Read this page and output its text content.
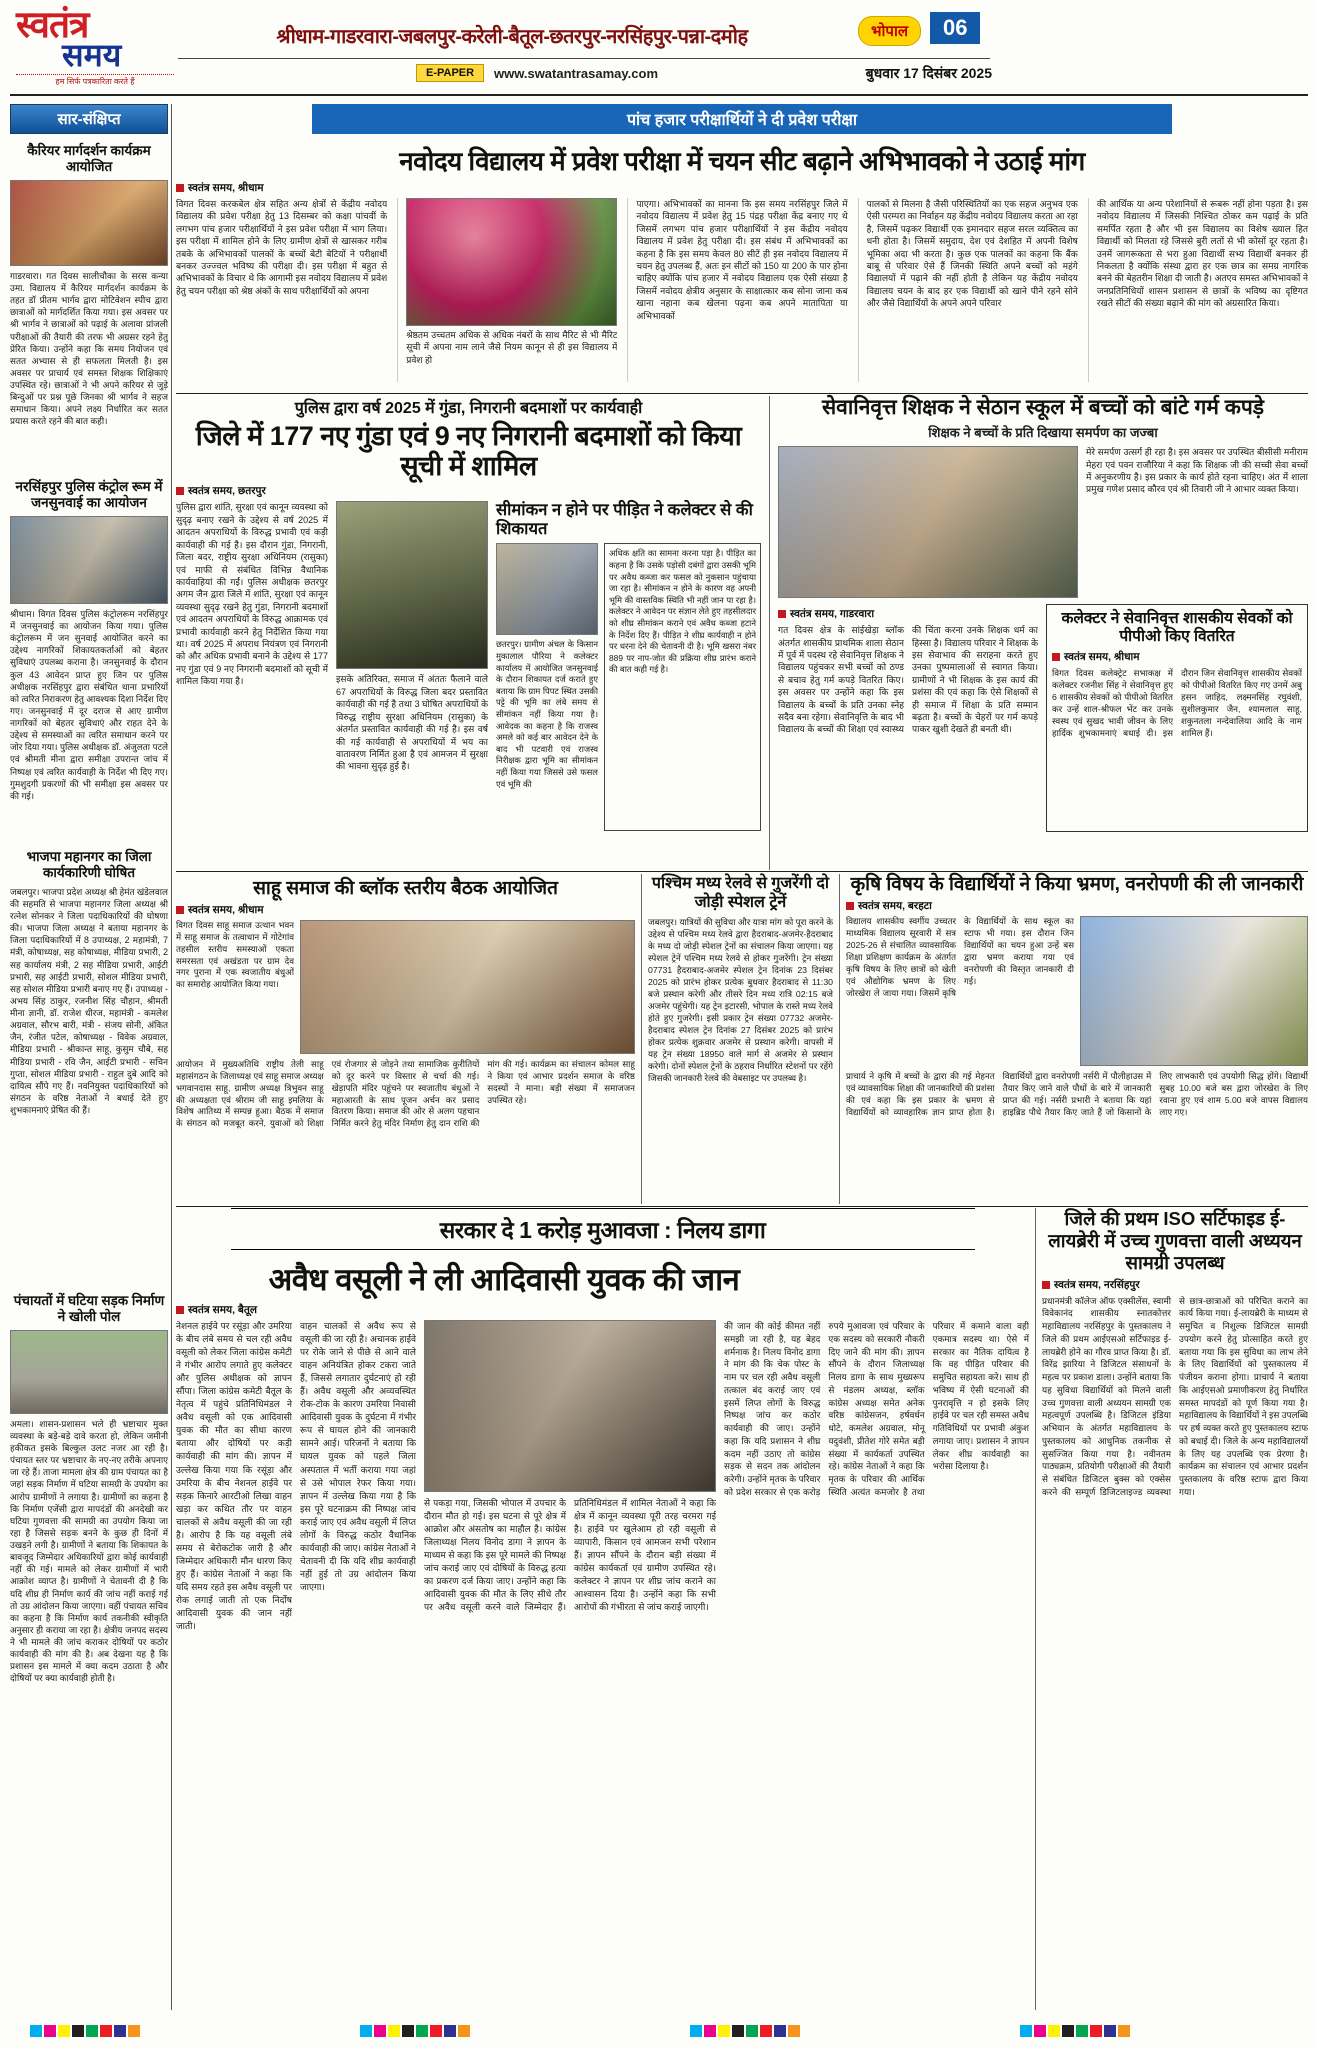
स्वतंत्र
समय
हम सिर्फ पत्रकारिता करते हैं
श्रीधाम-गाडरवारा-जबलपुर-करेली-बैतूल-छतरपुर-नरसिंहपुर-पन्ना-दमोह	भोपाल	06
E-PAPER	www.swatantrasamay.com	बुधवार 17 दिसंबर 2025
सार-संक्षिप्त
कैरियर मार्गदर्शन कार्यक्रम आयोजित
गाडरवारा। गत दिवस सालीचौका के सरस कन्या उमा. विद्यालय में कैरियर मार्गदर्शन कार्यक्रम के तहत डॉ प्रीतम भार्गव द्वारा मोटिवेशन स्पीच द्वारा छात्राओं को मार्गदर्शित किया गया। इस अवसर पर श्री भार्गव ने छात्राओं को पढ़ाई के अलावा प्रांजली परीक्षाओं की तैयारी की तरफ भी अग्रसर रहने हेतु प्रेरित किया। उन्होंने कहा कि समय नियोजन एवं सतत अभ्यास से ही सफलता मिलती है। इस अवसर पर प्राचार्य एवं समस्त शिक्षक शिक्षिकाएं उपस्थित रहे। छात्राओं ने भी अपने करियर से जुड़े बिन्दुओं पर प्रश्न पूछे जिनका श्री भार्गव ने सहज समाधान किया। अपने लक्ष्य निर्धारित कर सतत प्रयास करते रहने की बात कही।
नरसिंहपुर पुलिस कंट्रोल रूम में जनसुनवाई का आयोजन
श्रीधाम। विगत दिवस पुलिस कंट्रोलरूम नरसिंहपुर में जनसुनवाई का आयोजन किया गया। पुलिस कंट्रोलरूम में जन सुनवाई आयोजित करने का उद्देश्य नागरिकों शिकायतकर्ताओं को बेहतर सुविधाएं उपलब्ध कराना है। जनसुनवाई के दौरान कुल 43 आवेदन प्राप्त हुए जिन पर पुलिस अधीक्षक नरसिंहपुर द्वारा संबंधित थाना प्रभारियों को त्वरित निराकरण हेतु आवश्यक दिशा निर्देश दिए गए। जनसुनवाई में दूर दराज से आए ग्रामीण नागरिकों को बेहतर सुविधाएं और राहत देने के उद्देश्य से समस्याओं का त्वरित समाधान करने पर जोर दिया गया। पुलिस अधीक्षक डॉ. अंजुलता पटले एवं श्रीमती मीना द्वारा समीक्षा उपरान्त जांच में निष्पक्ष एवं त्वरित कार्यवाही के निर्देश भी दिए गए। गुमशुदगी प्रकरणों की भी समीक्षा इस अवसर पर की गई।
भाजपा महानगर का जिला कार्यकारिणी घोषित
जबलपुर। भाजपा प्रदेश अध्यक्ष श्री हेमंत खंडेलवाल की सहमति से भाजपा महानगर जिला अध्यक्ष श्री रत्नेश सोनकर ने जिला पदाधिकारियों की घोषणा की। भाजपा जिला अध्यक्ष ने बताया महानगर के जिला पदाधिकारियों में 8 उपाध्यक्ष, 2 महामंत्री, 7 मंत्री, कोषाध्यक्ष, सह कोषाध्यक्ष, मीडिया प्रभारी, 2 सह कार्यालय मंत्री, 2 सह मीडिया प्रभारी, आईटी प्रभारी, सह आईटी प्रभारी, सोशल मीडिया प्रभारी, सह सोशल मीडिया प्रभारी बनाए गए हैं। उपाध्यक्ष - अभय सिंह ठाकुर, रजनीश सिंह चौहान, श्रीमती मीना ज्ञानी, डॉ. राजेश धीरज, महामंत्री - कमलेश अग्रवाल, सौरभ बारी, मंत्री - संजय सोनी, अंकित जैन, रंजीत पटेल, कोषाध्यक्ष - विवेक अग्रवाल, मीडिया प्रभारी - श्रीकान्त साहू, कुसुम चौबे, सह मीडिया प्रभारी - रवि जैन, आईटी प्रभारी - सचिन गुप्ता, सोशल मीडिया प्रभारी - राहुल दुबे आदि को दायित्व सौंपे गए हैं। नवनियुक्त पदाधिकारियों को संगठन के वरिष्ठ नेताओं ने बधाई देते हुए शुभकामनाएं प्रेषित की हैं।
पंचायतों में घटिया सड़क निर्माण ने खोली पोल
अमला। शासन-प्रशासन भले ही भ्रष्टाचार मुक्त व्यवस्था के बड़े-बड़े दावे करता हो, लेकिन जमीनी हकीकत इसके बिल्कुल उलट नजर आ रही है। पंचायत स्तर पर भ्रष्टाचार के नए-नए तरीके अपनाए जा रहे हैं। ताजा मामला क्षेत्र की ग्राम पंचायत का है जहां सड़क निर्माण में घटिया सामग्री के उपयोग का आरोप ग्रामीणों ने लगाया है। ग्रामीणों का कहना है कि निर्माण एजेंसी द्वारा मापदंडों की अनदेखी कर घटिया गुणवत्ता की सामग्री का उपयोग किया जा रहा है जिससे सड़क बनने के कुछ ही दिनों में उखड़ने लगी है। ग्रामीणों ने बताया कि शिकायत के बावजूद जिम्मेदार अधिकारियों द्वारा कोई कार्यवाही नहीं की गई। मामले को लेकर ग्रामीणों में भारी आक्रोश व्याप्त है। ग्रामीणों ने चेतावनी दी है कि यदि शीघ्र ही निर्माण कार्य की जांच नहीं कराई गई तो उग्र आंदोलन किया जाएगा। वहीं पंचायत सचिव का कहना है कि निर्माण कार्य तकनीकी स्वीकृति अनुसार ही कराया जा रहा है। क्षेत्रीय जनपद सदस्य ने भी मामले की जांच कराकर दोषियों पर कठोर कार्यवाही की मांग की है। अब देखना यह है कि प्रशासन इस मामले में क्या कदम उठाता है और दोषियों पर क्या कार्यवाही होती है।
पांच हजार परीक्षार्थियों ने दी प्रवेश परीक्षा
नवोदय विद्यालय में प्रवेश परीक्षा में चयन सीट बढ़ाने अभिभावको ने उठाई मांग
स्वतंत्र समय, श्रीधाम
विगत दिवस करकबेल क्षेत्र सहित अन्य क्षेत्रों से केंद्रीय नवोदय विद्यालय की प्रवेश परीक्षा हेतु 13 दिसम्बर को कक्षा पांचवीं के लगभग पांच हजार परीक्षार्थियों ने इस प्रवेश परीक्षा में भाग लिया। इस परीक्षा में शामिल होने के लिए ग्रामीण क्षेत्रों से खासकर गरीब तबके के अभिभावकों पालकों के बच्चों बेटी बेटियों ने परीक्षार्थी बनकर उज्ज्वल भविष्य की परीक्षा दी। इस परीक्षा में बहुत से अभिभावकों के विचार थे कि आगामी इस नवोदय विद्यालय में प्रवेश हेतु चयन परीक्षा को श्रेष्ठ अंकों के साथ परीक्षार्थियों को अपना
श्रेष्ठतम उच्चतम अधिक से अधिक नंबरों के साथ मैरिट से भी मैरिट सूची में अपना नाम लाने जैसे नियम कानून से ही इस विद्यालय में प्रवेश हो
पाएगा। अभिभावकों का मानना कि इस समय नरसिंहपुर जिले में नवोदय विद्यालय में प्रवेश हेतु 15 पंद्रह परीक्षा केंद्र बनाए गए थे जिसमें लगभग पांच हजार परीक्षार्थियों ने इस केंद्रीय नवोदय विद्यालय में प्रवेश हेतु परीक्षा दी। इस संबंध में अभिभावकों का कहना है कि इस समय केवल 80 सीटें ही इस नवोदय विद्यालय में चयन हेतु उपलब्ध हैं, अतः इन सीटों को 150 या 200 के पार होना चाहिए क्योंकि पांच हजार में नवोदय विद्यालय एक ऐसी संख्या है जिसमें नवोदय क्षेत्रीय अनुसार के साक्षात्कार कब सोना जाना कब खाना नहाना कब खेलना पढ़ना कब अपने मातापिता या अभिभावकों
पालकों से मिलना है जैसी परिस्थितियों का एक सहज अनुभव एक ऐसी परम्परा का निर्वाहन यह केंद्रीय नवोदय विद्यालय करता आ रहा है, जिसमें पढ़कर विद्यार्थी एक इमानदार सहज सरल व्यक्तित्व का धनी होता है। जिसमें समुदाय, देश एवं देशहित में अपनी विशेष भूमिका अदा भी करता है। कुछ एक पालकों का कहना कि बैंक बाबू से परिवार ऐसे हैं जिनकी स्थिति अपने बच्चों को महंगे विद्यालयों में पढ़ाने की नहीं होती है लेकिन यह केंद्रीय नवोदय विद्यालय चयन के बाद हर एक विद्यार्थी को खाने पीने रहने सोने और जैसे विद्यार्थियों के अपने अपने परिवार
की आर्थिक या अन्य परेशानियों से रूबरू नहीं होना पड़ता है। इस नवोदय विद्यालय में जिसकी निश्चित ठोकर कम पढ़ाई के प्रति समर्पित रहता है और भी इस विद्यालय का विशेष ख्याल हित विद्यार्थी को मिलता रहे जिससे बुरी लतों से भी कोसों दूर रहता है। उनमें जागरूकता से भरा हुआ विद्यार्थी सभ्य विद्यार्थी बनकर ही निकलता है क्योंकि संस्था द्वारा हर एक छात्र का समग्र नागरिक बनने की बेहतरीन शिक्षा दी जाती है। अतएव समस्त अभिभावकों ने जनप्रतिनिधियों शासन प्रशासन से छात्रों के भविष्य का दृष्टिगत रखते सीटों की संख्या बढ़ाने की मांग को अग्रसारित किया।
पुलिस द्वारा वर्ष 2025 में गुंडा, निगरानी बदमाशों पर कार्यवाही
जिले में 177 नए गुंडा एवं 9 नए निगरानी बदमाशों को किया सूची में शामिल
स्वतंत्र समय, छतरपुर
पुलिस द्वारा शांति, सुरक्षा एवं कानून व्यवस्था को सुदृढ़ बनाए रखने के उद्देश्य से वर्ष 2025 में आदतन अपराधियों के विरुद्ध प्रभावी एवं कड़ी कार्यवाही की गई है। इस दौरान गुंडा, निगरानी, जिला बदर, राष्ट्रीय सुरक्षा अधिनियम (रासुका) एवं माफी से संबंधित विभिन्न वैधानिक कार्यवाहियां की गईं। पुलिस अधीक्षक छतरपुर अगम जैन द्वारा जिले में शांति, सुरक्षा एवं कानून व्यवस्था सुदृढ़ रखने हेतु गुंडा, निगरानी बदमाशों एवं आदतन अपराधियों के विरुद्ध आक्रामक एवं प्रभावी कार्यवाही करने हेतु निर्देशित किया गया था। वर्ष 2025 में अपराध नियंत्रण एवं निगरानी को और अधिक प्रभावी बनाने के उद्देश्य से 177 नए गुंडा एवं 9 नए निगरानी बदमाशों को सूची में शामिल किया गया है।	इसके अतिरिक्त, समाज में अंततः फैलाने वाले 67 अपराधियों के विरुद्ध जिला बदर प्रस्तावित कार्यवाही की गई है तथा 3 घोषित अपराधियों के विरुद्ध राष्ट्रीय सुरक्षा अधिनियम (रासुका) के अंतर्गत प्रस्तावित कार्यवाही की गई है। इस वर्ष की गई कार्यवाही से अपराधियों में भय का वातावरण निर्मित हुआ है एवं आमजन में सुरक्षा की भावना सुदृढ़ हुई है।
सीमांकन न होने पर पीड़ित ने कलेक्टर से की शिकायत
छतरपुर। ग्रामीण अंचल के किसान मुकालाल पौरिया ने कलेक्टर कार्यालय में आयोजित जनसुनवाई के दौरान शिकायत दर्ज कराते हुए बताया कि ग्राम पिपट स्थित उसकी पट्टे की भूमि का लंबे समय से सीमांकन नहीं किया गया है। आवेदक का कहना है कि राजस्व अमले को कई बार आवेदन देने के बाद भी पटवारी एवं राजस्व निरीक्षक द्वारा भूमि का सीमांकन नहीं किया गया जिससे उसे फसल एवं भूमि की
अधिक क्षति का सामना करना पड़ा है। पीड़ित का कहना है कि उसके पड़ोसी दबंगों द्वारा उसकी भूमि पर अवैध कब्जा कर फसल को नुकसान पहुंचाया जा रहा है। सीमांकन न होने के कारण वह अपनी भूमि की वास्तविक स्थिति भी नहीं जान पा रहा है। कलेक्टर ने आवेदन पर संज्ञान लेते हुए तहसीलदार को शीघ्र सीमांकन कराने एवं अवैध कब्जा हटाने के निर्देश दिए हैं। पीड़ित ने शीघ्र कार्यवाही न होने पर धरना देने की चेतावनी दी है। भूमि खसरा नंबर 889 पर नाप-जोत की प्रक्रिया शीघ्र प्रारंभ कराने की बात कही गई है।
सेवानिवृत्त शिक्षक ने सेठान स्कूल में बच्चों को बांटे गर्म कपड़े
शिक्षक ने बच्चों के प्रति दिखाया समर्पण का जज्बा
मेरे समर्पण उत्सर्ग ही रहा है। इस अवसर पर उपस्थित बीसीसी मनीराम मेहरा एवं पवन राजौरिया ने कहा कि शिक्षक जी की सच्ची सेवा बच्चों में अनुकरणीय है। इस प्रकार के कार्य होते रहना चाहिए। अंत में शाला प्रमुख गणेश प्रसाद कौरव एवं श्री तिवारी जी ने आभार व्यक्त किया।
स्वतंत्र समय, गाडरवारा
गत दिवस क्षेत्र के सांईखेड़ा ब्लॉक अंतर्गत शासकीय प्राथमिक शाला सेठान में पूर्व में पदस्थ रहे सेवानिवृत्त शिक्षक ने विद्यालय पहुंचकर सभी बच्चों को ठण्ड से बचाव हेतु गर्म कपड़े वितरित किए। इस अवसर पर उन्होंने कहा कि इस विद्यालय के बच्चों के प्रति उनका स्नेह सदैव बना रहेगा। सेवानिवृत्ति के बाद भी विद्यालय के बच्चों की शिक्षा एवं स्वास्थ्य की चिंता करना उनके शिक्षक धर्म का हिस्सा है। विद्यालय परिवार ने शिक्षक के इस सेवाभाव की सराहना करते हुए उनका पुष्पमालाओं से स्वागत किया। ग्रामीणों ने भी शिक्षक के इस कार्य की प्रशंसा की एवं कहा कि ऐसे शिक्षकों से ही समाज में शिक्षा के प्रति सम्मान बढ़ता है। बच्चों के चेहरों पर गर्म कपड़े पाकर खुशी देखते ही बनती थी।
कलेक्टर ने सेवानिवृत्त शासकीय सेवकों को पीपीओ किए वितरित
स्वतंत्र समय, श्रीधाम
विगत दिवस कलेक्ट्रेट सभाकक्ष में कलेक्टर रजनीश सिंह ने सेवानिवृत्त हुए 6 शासकीय सेवकों को पीपीओ वितरित कर उन्हें शाल-श्रीफल भेंट कर उनके स्वस्थ एवं सुखद भावी जीवन के लिए हार्दिक शुभकामनाएं बधाई दी। इस दौरान जिन सेवानिवृत्त शासकीय सेवकों को पीपीओ वितरित किए गए उनमें अबु हसन जाहिद, लक्ष्मनसिंह रघुवंशी, सुशीलकुमार जैन, श्यामलाल साहू, शकुनतला नन्देवालिया आदि के नाम शामिल हैं।
साहू समाज की ब्लॉक स्तरीय बैठक आयोजित
स्वतंत्र समय, श्रीधाम
विगत दिवस साहू समाज उत्थान भवन में साहू समाज के तत्वाधान में गोटेगांव तहसील स्तरीय समस्याओं एकता समरसता एवं अखंडता पर ग्राम देव नगर पुराना में एक स्वजातीय बंधुओं का समारोह आयोजित किया गया।
आयोजन में मुख्यअतिथि राष्ट्रीय तेली साहू महासंगठन के जिलाध्यक्ष एवं साहू समाज अध्यक्ष भगवानदास साहू, ग्रामीण अध्यक्ष त्रिभुवन साहू की अध्यक्षता एवं श्रीराम जी साहू इमलिया के विशेष आतिथ्य में सम्पन्न हुआ। बैठक में समाज के संगठन को मजबूत करने, युवाओं को शिक्षा एवं रोजगार से जोड़ने तथा सामाजिक कुरीतियों को दूर करने पर विस्तार से चर्चा की गई। खेड़ापति मंदिर पहुंचने पर स्वजातीय बंधुओं ने महाआरती के साथ पूजन अर्चन कर प्रसाद वितरण किया। समाज की ओर से अलग पहचान निर्मित करने हेतु मंदिर निर्माण हेतु दान राशि की मांग की गई। कार्यक्रम का संचालन कोमल साहू ने किया एवं आभार प्रदर्शन समाज के वरिष्ठ सदस्यों ने माना। बड़ी संख्या में समाजजन उपस्थित रहे।
पश्चिम मध्य रेलवे से गुजरेंगी दो जोड़ी स्पेशल ट्रेनें
जबलपुर। यात्रियों की सुविधा और यात्रा मांग को पूरा करने के उद्देश्य से पश्चिम मध्य रेलवे द्वारा हैदराबाद-अजमेर-हैदराबाद के मध्य दो जोड़ी स्पेशल ट्रेनों का संचालन किया जाएगा। यह स्पेशल ट्रेनें पश्चिम मध्य रेलवे से होकर गुजरेंगी। ट्रेन संख्या 07731 हैदराबाद-अजमेर स्पेशल ट्रेन दिनांक 23 दिसंबर 2025 को प्रारंभ होकर प्रत्येक बुधवार हैदराबाद से 11:30 बजे प्रस्थान करेगी और तीसरे दिन मध्य रात्रि 02:15 बजे अजमेर पहुंचेगी। यह ट्रेन इटारसी, भोपाल के रास्ते मध्य रेलवे होते हुए गुजरेगी। इसी प्रकार ट्रेन संख्या 07732 अजमेर-हैदराबाद स्पेशल ट्रेन दिनांक 27 दिसंबर 2025 को प्रारंभ होकर प्रत्येक शुक्रवार अजमेर से प्रस्थान करेगी। वापसी में यह ट्रेन संख्या 18950 वाले मार्ग से अजमेर से प्रस्थान करेगी। दोनों स्पेशल ट्रेनों के ठहराव निर्धारित स्टेशनों पर रहेंगे जिसकी जानकारी रेलवे की वेबसाइट पर उपलब्ध है।
कृषि विषय के विद्यार्थियों ने किया भ्रमण, वनरोपणी की ली जानकारी
स्वतंत्र समय, बरहटा
विद्यालय शासकीय स्वर्गीय उच्चतर माध्यमिक विद्यालय सूरवारी में सत्र 2025-26 से संचालित व्यावसायिक शिक्षा प्रशिक्षण कार्यक्रम के अंतर्गत कृषि विषय के लिए छात्रों को खेती एवं औद्योगिक भ्रमण के लिए जोरखेरा ले जाया गया। जिसमें कृषि के विद्यार्थियों के साथ स्कूल का स्टाफ भी गया। इस दौरान जिन विद्यार्थियों का चयन हुआ उन्हें बस द्वारा भ्रमण कराया गया एवं वनरोपणी की विस्तृत जानकारी दी गई।
प्राचार्य ने कृषि में बच्चों के द्वारा की गई मेहनत एवं व्यावसायिक शिक्षा की जानकारियों की प्रशंसा की एवं कहा कि इस प्रकार के भ्रमण से विद्यार्थियों को व्यावहारिक ज्ञान प्राप्त होता है। विद्यार्थियों द्वारा वनरोपणी नर्सरी में पौलीहाउस में तैयार किए जाने वाले पौधों के बारे में जानकारी प्राप्त की गई। नर्सरी प्रभारी ने बताया कि यहां हाइब्रिड पौधे तैयार किए जाते हैं जो किसानों के लिए लाभकारी एवं उपयोगी सिद्ध होंगे। विद्यार्थी सुबह 10.00 बजे बस द्वारा जोरखेरा के लिए रवाना हुए एवं शाम 5.00 बजे वापस विद्यालय लाए गए।
सरकार दे 1 करोड़ मुआवजा : निलय डागा
अवैध वसूली ने ली आदिवासी युवक की जान
स्वतंत्र समय, बैतूल
नेशनल हाईवे पर रसूंड़ा और उमरिया के बीच लंबे समय से चल रही अवैध वसूली को लेकर जिला कांग्रेस कमेटी ने गंभीर आरोप लगाते हुए कलेक्टर और पुलिस अधीक्षक को ज्ञापन सौंपा। जिला कांग्रेस कमेटी बैतूल के नेतृत्व में पहुंचे प्रतिनिधिमंडल ने अवैध वसूली को एक आदिवासी युवक की मौत का सीधा कारण बताया और दोषियों पर कड़ी कार्यवाही की मांग की। ज्ञापन में उल्लेख किया गया कि रसूंड़ा और उमरिया के बीच नेशनल हाईवे पर सड़क किनारे आरटीओ लिखा वाहन खड़ा कर कथित तौर पर वाहन चालकों से अवैध वसूली की जा रही है। आरोप है कि यह वसूली लंबे समय से बेरोकटोक जारी है और जिम्मेदार अधिकारी मौन धारण किए हुए हैं। कांग्रेस नेताओं ने कहा कि यदि समय रहते इस अवैध वसूली पर रोक लगाई जाती तो एक निर्दोष आदिवासी युवक की जान नहीं जाती।
वाहन चालकों से अवैध रूप से वसूली की जा रही है। अचानक हाईवे पर रोके जाने से पीछे से आने वाले वाहन अनियंत्रित होकर टकरा जाते हैं, जिससे लगातार दुर्घटनाएं हो रही हैं। अवैध वसूली और अव्यवस्थित रोक-टोक के कारण उमरिया निवासी आदिवासी युवक के दुर्घटना में गंभीर रूप से घायल होने की जानकारी सामने आई। परिजनों ने बताया कि घायल युवक को पहले जिला अस्पताल में भर्ती कराया गया जहां से उसे भोपाल रेफर किया गया। ज्ञापन में उल्लेख किया गया है कि इस पूरे घटनाक्रम की निष्पक्ष जांच कराई जाए एवं अवैध वसूली में लिप्त लोगों के विरुद्ध कठोर वैधानिक कार्यवाही की जाए। कांग्रेस नेताओं ने चेतावनी दी कि यदि शीघ्र कार्यवाही नहीं हुई तो उग्र आंदोलन किया जाएगा।
से पकड़ा गया, जिसकी भोपाल में उपचार के दौरान मौत हो गई। इस घटना से पूरे क्षेत्र में आक्रोश और अंसतोष का माहौल है। कांग्रेस जिलाध्यक्ष निलय विनोद डागा ने ज्ञापन के माध्यम से कहा कि इस पूरे मामले की निष्पक्ष जांच कराई जाए एवं दोषियों के विरुद्ध हत्या का प्रकरण दर्ज किया जाए। उन्होंने कहा कि आदिवासी युवक की मौत के लिए सीधे तौर पर अवैध वसूली करने वाले जिम्मेदार हैं। प्रतिनिधिमंडल में शामिल नेताओं ने कहा कि क्षेत्र में कानून व्यवस्था पूरी तरह चरमरा गई है। हाईवे पर खुलेआम हो रही वसूली से व्यापारी, किसान एवं आमजन सभी परेशान हैं। ज्ञापन सौंपने के दौरान बड़ी संख्या में कांग्रेस कार्यकर्ता एवं ग्रामीण उपस्थित रहे। कलेक्टर ने ज्ञापन पर शीघ्र जांच कराने का आश्वासन दिया है। उन्होंने कहा कि सभी आरोपों की गंभीरता से जांच कराई जाएगी।
की जान की कोई कीमत नहीं समझी जा रही है, यह बेहद शर्मनाक है। निलय विनोद डागा ने मांग की कि चेक पोस्ट के नाम पर चल रही अवैध वसूली तत्काल बंद कराई जाए एवं इसमें लिप्त लोगों के विरुद्ध निष्पक्ष जांच कर कठोर कार्यवाही की जाए। उन्होंने कहा कि यदि प्रशासन ने शीघ्र कदम नहीं उठाए तो कांग्रेस सड़क से सदन तक आंदोलन करेगी। उन्होंने मृतक के परिवार को प्रदेश सरकार से एक करोड़ रुपये मुआवजा एवं परिवार के एक सदस्य को सरकारी नौकरी दिए जाने की मांग की। ज्ञापन सौंपने के दौरान जिलाध्यक्ष निलय डागा के साथ मुख्यरूप से मंडलम अध्यक्ष, ब्लॉक कांग्रेस अध्यक्ष समेत अनेक वरिष्ठ कांग्रेसजन, हर्षवर्धन धोटे, कमलेश अग्रवाल, मोनू यदुवंशी, प्रीतेश गोरे समेत बड़ी संख्या में कार्यकर्ता उपस्थित रहे। कांग्रेस नेताओं ने कहा कि मृतक के परिवार की आर्थिक स्थिति अत्यंत कमजोर है तथा परिवार में कमाने वाला वही एकमात्र सदस्य था। ऐसे में सरकार का नैतिक दायित्व है कि वह पीड़ित परिवार की समुचित सहायता करे। साथ ही भविष्य में ऐसी घटनाओं की पुनरावृत्ति न हो इसके लिए हाईवे पर चल रही समस्त अवैध गतिविधियों पर प्रभावी अंकुश लगाया जाए। प्रशासन ने ज्ञापन लेकर शीघ्र कार्यवाही का भरोसा दिलाया है।
जिले की प्रथम ISO सर्टिफाइड ई-लायब्रेरी में उच्च गुणवत्ता वाली अध्ययन सामग्री उपलब्ध
स्वतंत्र समय, नरसिंहपुर
प्रधानमंत्री कॉलेज ऑफ एक्सीलेंस, स्वामी विवेकानंद शासकीय स्नातकोत्तर महाविद्यालय नरसिंहपुर के पुस्तकालय ने जिले की प्रथम आईएसओ सर्टिफाइड ई-लायब्रेरी होने का गौरव प्राप्त किया है। डॉ. विरेंद्र झारिया ने डिजिटल संसाधनों के महत्व पर प्रकाश डाला। उन्होंने बताया कि यह सुविधा विद्यार्थियों को मिलने वाली उच्च गुणवत्ता वाली अध्ययन सामग्री एक महत्वपूर्ण उपलब्धि है। डिजिटल इंडिया अभियान के अंतर्गत महाविद्यालय के पुस्तकालय को आधुनिक तकनीक से सुसज्जित किया गया है। नवीनतम पाठ्यक्रम, प्रतियोगी परीक्षाओं की तैयारी से संबंधित डिजिटल बुक्स को एक्सेस करने की सम्पूर्ण डिजिटलाइज्ड व्यवस्था से छात्र-छात्राओं को परिचित कराने का कार्य किया गया। ई-लायब्रेरी के माध्यम से समुचित व निशुल्क डिजिटल सामग्री उपयोग करने हेतु प्रोत्साहित करते हुए बताया गया कि इस सुविधा का लाभ लेने के लिए विद्यार्थियों को पुस्तकालय में पंजीयन कराना होगा। प्राचार्य ने बताया कि आईएसओ प्रमाणीकरण हेतु निर्धारित समस्त मापदंडों को पूर्ण किया गया है। महाविद्यालय के विद्यार्थियों ने इस उपलब्धि पर हर्ष व्यक्त करते हुए पुस्तकालय स्टाफ को बधाई दी। जिले के अन्य महाविद्यालयों के लिए यह उपलब्धि एक प्रेरणा है। कार्यक्रम का संचालन एवं आभार प्रदर्शन पुस्तकालय के वरिष्ठ स्टाफ द्वारा किया गया।
